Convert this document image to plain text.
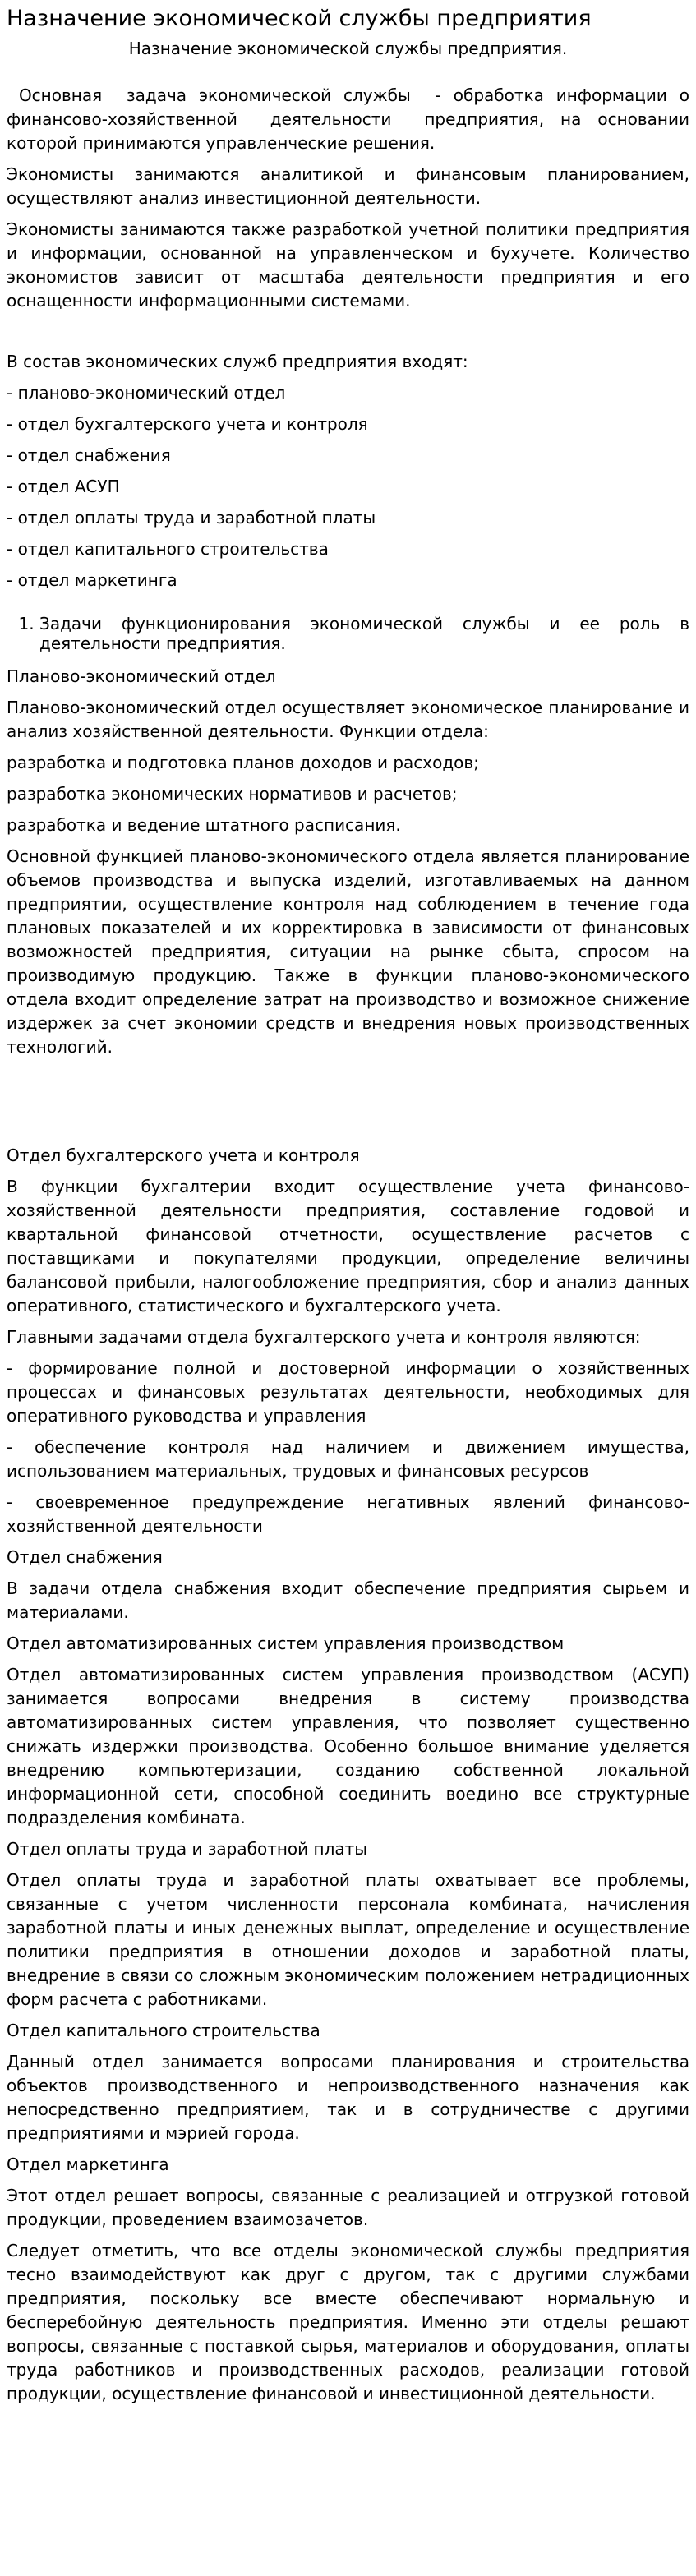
Назначение экономической службы предприятия

Назначение экономической службы предприятия.

Основная  задача экономической службы  - обработка информации о финансово-хозяйственной  деятельности  предприятия, на основании которой принимаются управленческие решения.

Экономисты занимаются аналитикой и финансовым планированием, осуществляют анализ инвестиционной деятельности.

Экономисты занимаются также разработкой учетной политики предприятия и информации, основанной на управленческом и бухучете. Количество экономистов зависит от масштаба деятельности предприятия и его оснащенности информационными системами.

В состав экономических служб предприятия входят:

- планово-экономический отдел

- отдел бухгалтерского учета и контроля

- отдел снабжения

- отдел АСУП

- отдел оплаты труда и заработной платы

- отдел капитального строительства

- отдел маркетинга

1. Задачи функционирования экономической службы и ее роль в деятельности предприятия.

Планово-экономический отдел

Планово-экономический отдел осуществляет экономическое планирование и анализ хозяйственной деятельности. Функции отдела:

разработка и подготовка планов доходов и расходов;

разработка экономических нормативов и расчетов;

разработка и ведение штатного расписания.

Основной функцией планово-экономического отдела является планирование объемов производства и выпуска изделий, изготавливаемых на данном предприятии, осуществление контроля над соблюдением в течение года плановых показателей и их корректировка в зависимости от финансовых возможностей предприятия, ситуации на рынке сбыта, спросом на производимую продукцию. Также в функции планово-экономического отдела входит определение затрат на производство и возможное снижение издержек за счет экономии средств и внедрения новых производственных технологий.

Отдел бухгалтерского учета и контроля

В функции бухгалтерии входит осуществление учета финансово-хозяйственной деятельности предприятия, составление годовой и квартальной финансовой отчетности, осуществление расчетов с поставщиками и покупателями продукции, определение величины балансовой прибыли, налогообложение предприятия, сбор и анализ данных оперативного, статистического и бухгалтерского учета.

Главными задачами отдела бухгалтерского учета и контроля являются:

- формирование полной и достоверной информации о хозяйственных процессах и финансовых результатах деятельности, необходимых для оперативного руководства и управления

- обеспечение контроля над наличием и движением имущества, использованием материальных, трудовых и финансовых ресурсов

- своевременное предупреждение негативных явлений финансово-хозяйственной деятельности

Отдел снабжения

В задачи отдела снабжения входит обеспечение предприятия сырьем и материалами.

Отдел автоматизированных систем управления производством

Отдел автоматизированных систем управления производством (АСУП) занимается вопросами внедрения в систему производства автоматизированных систем управления, что позволяет существенно снижать издержки производства. Особенно большое внимание уделяется внедрению компьютеризации, созданию собственной локальной информационной сети, способной соединить воедино все структурные подразделения комбината.

Отдел оплаты труда и заработной платы

Отдел оплаты труда и заработной платы охватывает все проблемы, связанные с учетом численности персонала комбината, начисления заработной платы и иных денежных выплат, определение и осуществление политики предприятия в отношении доходов и заработной платы, внедрение в связи со сложным экономическим положением нетрадиционных форм расчета с работниками.

Отдел капитального строительства

Данный отдел занимается вопросами планирования и строительства объектов производственного и непроизводственного назначения как непосредственно предприятием, так и в сотрудничестве с другими предприятиями и мэрией города.

Отдел маркетинга

Этот отдел решает вопросы, связанные с реализацией и отгрузкой готовой продукции, проведением взаимозачетов.

Следует отметить, что все отделы экономической службы предприятия тесно взаимодействуют как друг с другом, так с другими службами предприятия, поскольку все вместе обеспечивают нормальную и бесперебойную деятельность предприятия. Именно эти отделы решают вопросы, связанные с поставкой сырья, материалов и оборудования, оплаты труда работников и производственных расходов, реализации готовой продукции, осуществление финансовой и инвестиционной деятельности.
